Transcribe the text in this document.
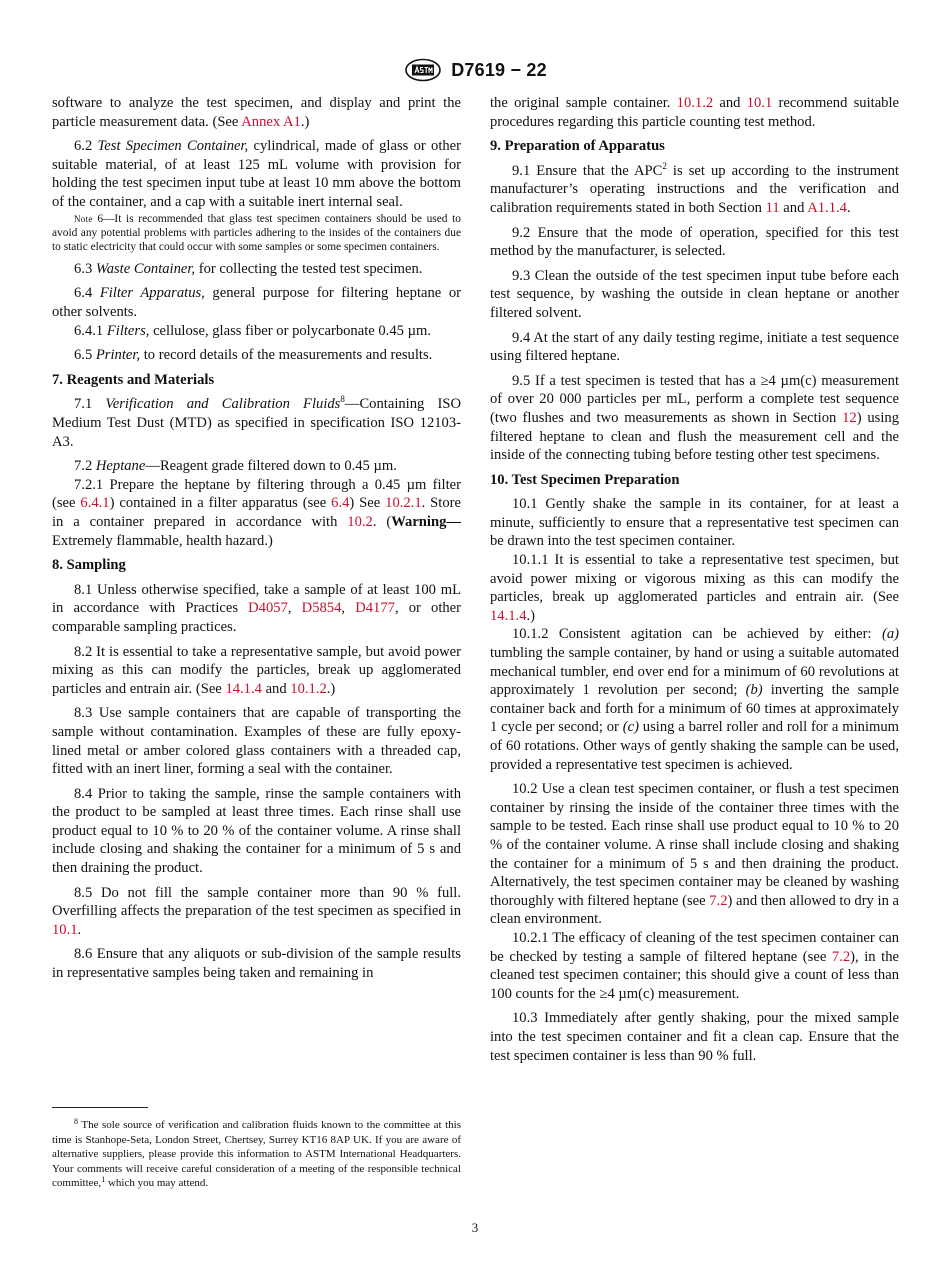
D7619 − 22

software to analyze the test specimen, and display and print the particle measurement data. (See Annex A1.)

6.2 Test Specimen Container, cylindrical, made of glass or other suitable material, of at least 125 mL volume with provision for holding the test specimen input tube at least 10 mm above the bottom of the container, and a cap with a suitable inert internal seal.

Note 6—It is recommended that glass test specimen containers should be used to avoid any potential problems with particles adhering to the insides of the containers due to static electricity that could occur with some samples or some specimen containers.

6.3 Waste Container, for collecting the tested test specimen.

6.4 Filter Apparatus, general purpose for filtering heptane or other solvents.

6.4.1 Filters, cellulose, glass fiber or polycarbonate 0.45 µm.

6.5 Printer, to record details of the measurements and results.

7. Reagents and Materials

7.1 Verification and Calibration Fluids$^8$—Containing ISO Medium Test Dust (MTD) as specified in specification ISO 12103-A3.

7.2 Heptane—Reagent grade filtered down to 0.45 µm.

7.2.1 Prepare the heptane by filtering through a 0.45 µm filter (see 6.4.1) contained in a filter apparatus (see 6.4) See 10.2.1. Store in a container prepared in accordance with 10.2. (Warning—Extremely flammable, health hazard.)

8. Sampling

8.1 Unless otherwise specified, take a sample of at least 100 mL in accordance with Practices D4057, D5854, D4177, or other comparable sampling practices.

8.2 It is essential to take a representative sample, but avoid power mixing as this can modify the particles, break up agglomerated particles and entrain air. (See 14.1.4 and 10.1.2.)

8.3 Use sample containers that are capable of transporting the sample without contamination. Examples of these are fully epoxy-lined metal or amber colored glass containers with a threaded cap, fitted with an inert liner, forming a seal with the container.

8.4 Prior to taking the sample, rinse the sample containers with the product to be sampled at least three times. Each rinse shall use product equal to 10 % to 20 % of the container volume. A rinse shall include closing and shaking the container for a minimum of 5 s and then draining the product.

8.5 Do not fill the sample container more than 90 % full. Overfilling affects the preparation of the test specimen as specified in 10.1.

8.6 Ensure that any aliquots or sub-division of the sample results in representative samples being taken and remaining in

$^8$ The sole source of verification and calibration fluids known to the committee at this time is Stanhope-Seta, London Street, Chertsey, Surrey KT16 8AP UK. If you are aware of alternative suppliers, please provide this information to ASTM International Headquarters. Your comments will receive careful consideration of a meeting of the responsible technical committee,$^1$ which you may attend.

the original sample container. 10.1.2 and 10.1 recommend suitable procedures regarding this particle counting test method.

9. Preparation of Apparatus

9.1 Ensure that the APC$^2$ is set up according to the instrument manufacturer’s operating instructions and the verification and calibration requirements stated in both Section 11 and A1.1.4.

9.2 Ensure that the mode of operation, specified for this test method by the manufacturer, is selected.

9.3 Clean the outside of the test specimen input tube before each test sequence, by washing the outside in clean heptane or another filtered solvent.

9.4 At the start of any daily testing regime, initiate a test sequence using filtered heptane.

9.5 If a test specimen is tested that has a ≥4 µm(c) measurement of over 20 000 particles per mL, perform a complete test sequence (two flushes and two measurements as shown in Section 12) using filtered heptane to clean and flush the measurement cell and the inside of the connecting tubing before testing other test specimens.

10. Test Specimen Preparation

10.1 Gently shake the sample in its container, for at least a minute, sufficiently to ensure that a representative test specimen can be drawn into the test specimen container.

10.1.1 It is essential to take a representative test specimen, but avoid power mixing or vigorous mixing as this can modify the particles, break up agglomerated particles and entrain air. (See 14.1.4.)

10.1.2 Consistent agitation can be achieved by either: (a) tumbling the sample container, by hand or using a suitable automated mechanical tumbler, end over end for a minimum of 60 revolutions at approximately 1 revolution per second; (b) inverting the sample container back and forth for a minimum of 60 times at approximately 1 cycle per second; or (c) using a barrel roller and roll for a minimum of 60 rotations. Other ways of gently shaking the sample can be used, provided a representative test specimen is achieved.

10.2 Use a clean test specimen container, or flush a test specimen container by rinsing the inside of the container three times with the sample to be tested. Each rinse shall use product equal to 10 % to 20 % of the container volume. A rinse shall include closing and shaking the container for a minimum of 5 s and then draining the product. Alternatively, the test specimen container may be cleaned by washing thoroughly with filtered heptane (see 7.2) and then allowed to dry in a clean environment.

10.2.1 The efficacy of cleaning of the test specimen container can be checked by testing a sample of filtered heptane (see 7.2), in the cleaned test specimen container; this should give a count of less than 100 counts for the ≥4 µm(c) measurement.

10.3 Immediately after gently shaking, pour the mixed sample into the test specimen container and fit a clean cap. Ensure that the test specimen container is less than 90 % full.

3
